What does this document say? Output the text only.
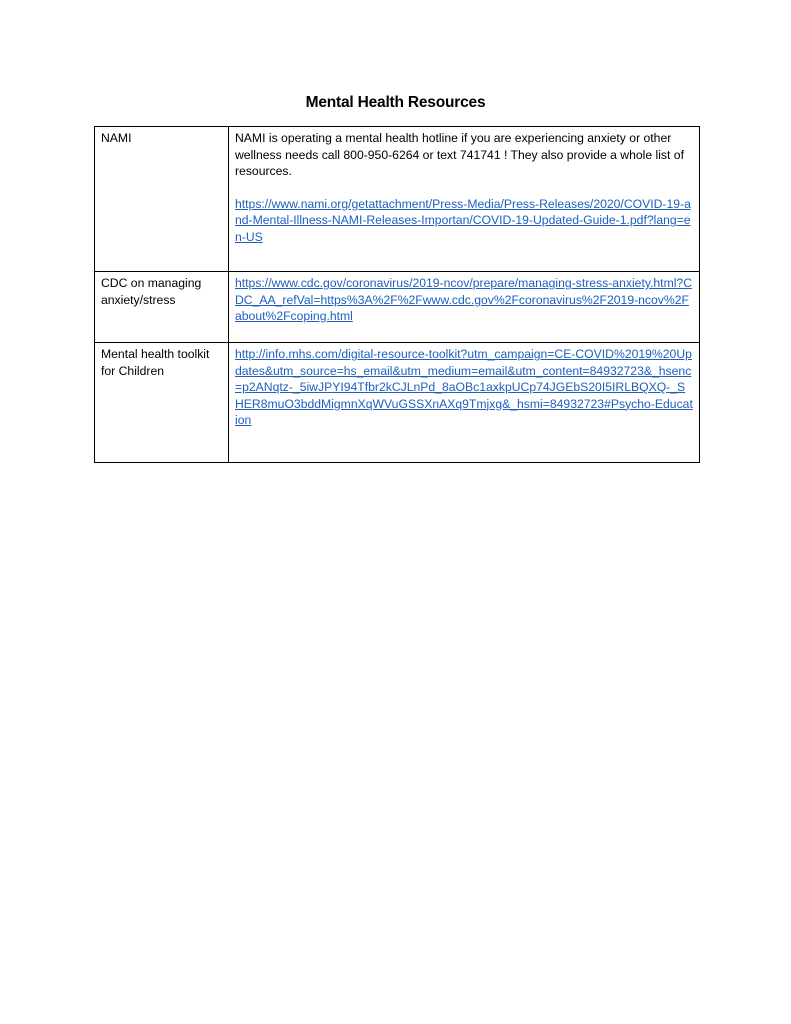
Mental Health Resources
NAMI	NAMI is operating a mental health hotline if you are experiencing anxiety or other wellness needs call 800-950-6264 or text 741741 ! They also provide a whole list of resources.

https://www.nami.org/getattachment/Press-Media/Press-Releases/2020/COVID-19-and-Mental-Illness-NAMI-Releases-Importan/COVID-19-Updated-Guide-1.pdf?lang=en-US
CDC on managing anxiety/stress	https://www.cdc.gov/coronavirus/2019-ncov/prepare/managing-stress-anxiety.html?CDC_AA_refVal=https%3A%2F%2Fwww.cdc.gov%2Fcoronavirus%2F2019-ncov%2Fabout%2Fcoping.html
Mental health toolkit for Children	http://info.mhs.com/digital-resource-toolkit?utm_campaign=CE-COVID%2019%20Updates&utm_source=hs_email&utm_medium=email&utm_content=84932723&_hsenc=p2ANqtz-_5iwJPYI94Tfbr2kCJLnPd_8aOBc1axkpUCp74JGEbS20I5IRLBQXQ-_SHER8muO3bddMigmnXqWVuGSSXnAXq9Tmjxg&_hsmi=84932723#Psycho-Education
